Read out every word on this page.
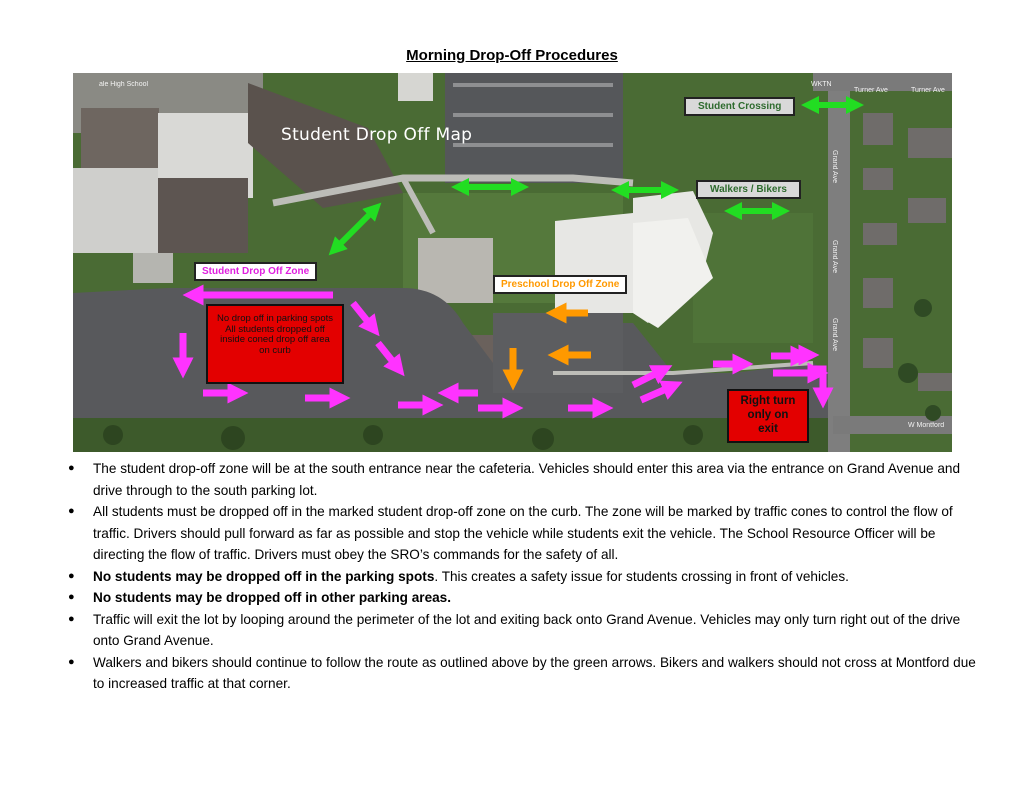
Morning Drop-Off Procedures
Student Drop Off Map
Student Crossing
Walkers / Bikers
Student Drop Off Zone
Preschool Drop Off Zone
No drop off in parking spots
All students dropped off inside coned drop off area on curb
Right turn only on exit
ale High School	WKTN
Turner Ave	Turner Ave
Grand Ave
Grand Ave
Grand Ave
W Montford
● The student drop-off zone will be at the south entrance near the cafeteria. Vehicles should enter this area via the entrance on Grand Avenue and drive through to the south parking lot.
● All students must be dropped off in the marked student drop-off zone on the curb. The zone will be marked by traffic cones to control the flow of traffic. Drivers should pull forward as far as possible and stop the vehicle while students exit the vehicle. The School Resource Officer will be directing the flow of traffic. Drivers must obey the SRO’s commands for the safety of all.
● No students may be dropped off in the parking spots. This creates a safety issue for students crossing in front of vehicles.
● No students may be dropped off in other parking areas.
● Traffic will exit the lot by looping around the perimeter of the lot and exiting back onto Grand Avenue. Vehicles may only turn right out of the drive onto Grand Avenue.
● Walkers and bikers should continue to follow the route as outlined above by the green arrows. Bikers and walkers should not cross at Montford due to increased traffic at that corner.
